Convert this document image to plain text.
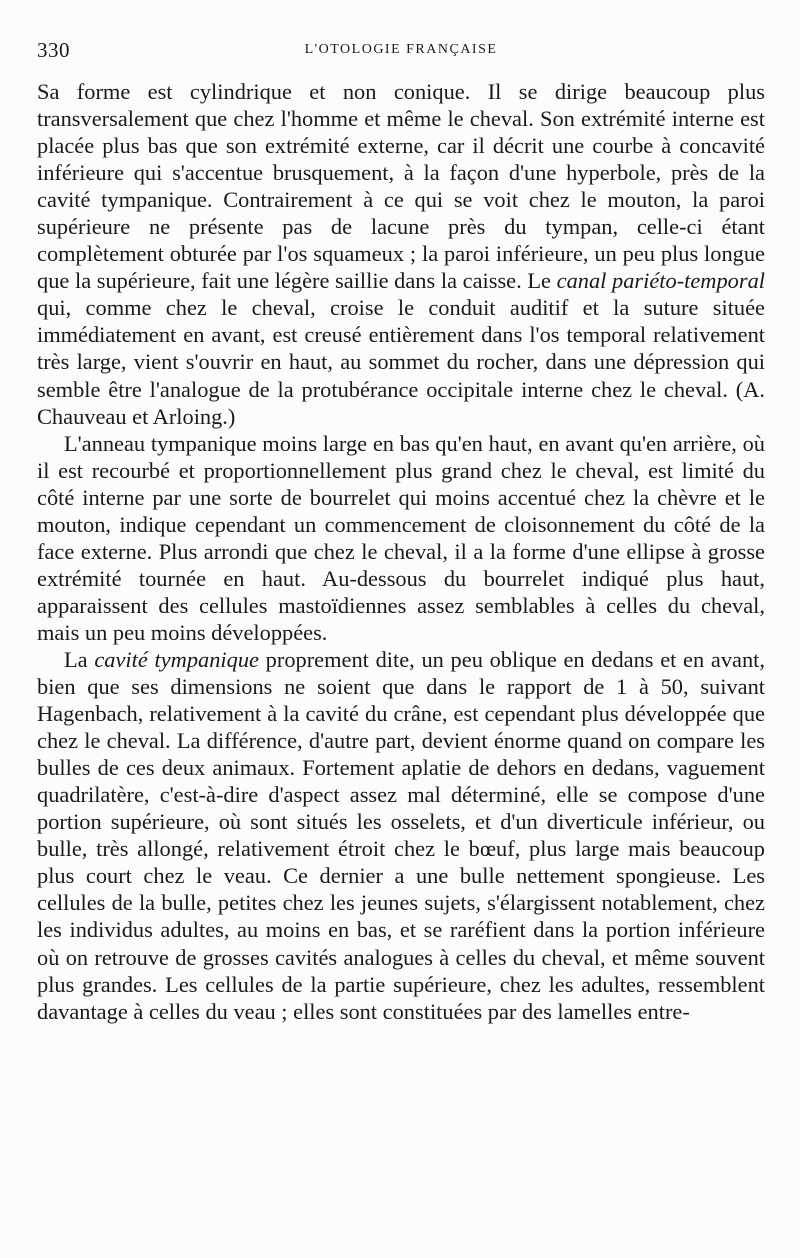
330	L'OTOLOGIE FRANÇAISE

Sa forme est cylindrique et non conique. Il se dirige beaucoup plus transversalement que chez l'homme et même le cheval. Son extrémité interne est placée plus bas que son extrémité externe, car il décrit une courbe à concavité inférieure qui s'accentue brusquement, à la façon d'une hyperbole, près de la cavité tympanique. Contrairement à ce qui se voit chez le mouton, la paroi supérieure ne présente pas de lacune près du tympan, celle-ci étant complètement obturée par l'os squameux ; la paroi inférieure, un peu plus longue que la supérieure, fait une légère saillie dans la caisse. Le canal pariéto-temporal qui, comme chez le cheval, croise le conduit auditif et la suture située immédiatement en avant, est creusé entièrement dans l'os temporal relativement très large, vient s'ouvrir en haut, au sommet du rocher, dans une dépression qui semble être l'analogue de la protubérance occipitale interne chez le cheval. (A. Chauveau et Arloing.)

L'anneau tympanique moins large en bas qu'en haut, en avant qu'en arrière, où il est recourbé et proportionnellement plus grand chez le cheval, est limité du côté interne par une sorte de bourrelet qui moins accentué chez la chèvre et le mouton, indique cependant un commencement de cloisonnement du côté de la face externe. Plus arrondi que chez le cheval, il a la forme d'une ellipse à grosse extrémité tournée en haut. Au-dessous du bourrelet indiqué plus haut, apparaissent des cellules mastoïdiennes assez semblables à celles du cheval, mais un peu moins développées.

La cavité tympanique proprement dite, un peu oblique en dedans et en avant, bien que ses dimensions ne soient que dans le rapport de 1 à 50, suivant Hagenbach, relativement à la cavité du crâne, est cependant plus développée que chez le cheval. La différence, d'autre part, devient énorme quand on compare les bulles de ces deux animaux. Fortement aplatie de dehors en dedans, vaguement quadrilatère, c'est-à-dire d'aspect assez mal déterminé, elle se compose d'une portion supérieure, où sont situés les osselets, et d'un diverticule inférieur, ou bulle, très allongé, relativement étroit chez le bœuf, plus large mais beaucoup plus court chez le veau. Ce dernier a une bulle nettement spongieuse. Les cellules de la bulle, petites chez les jeunes sujets, s'élargissent notablement, chez les individus adultes, au moins en bas, et se raréfient dans la portion inférieure où on retrouve de grosses cavités analogues à celles du cheval, et même souvent plus grandes. Les cellules de la partie supérieure, chez les adultes, ressemblent davantage à celles du veau ; elles sont constituées par des lamelles entre-
